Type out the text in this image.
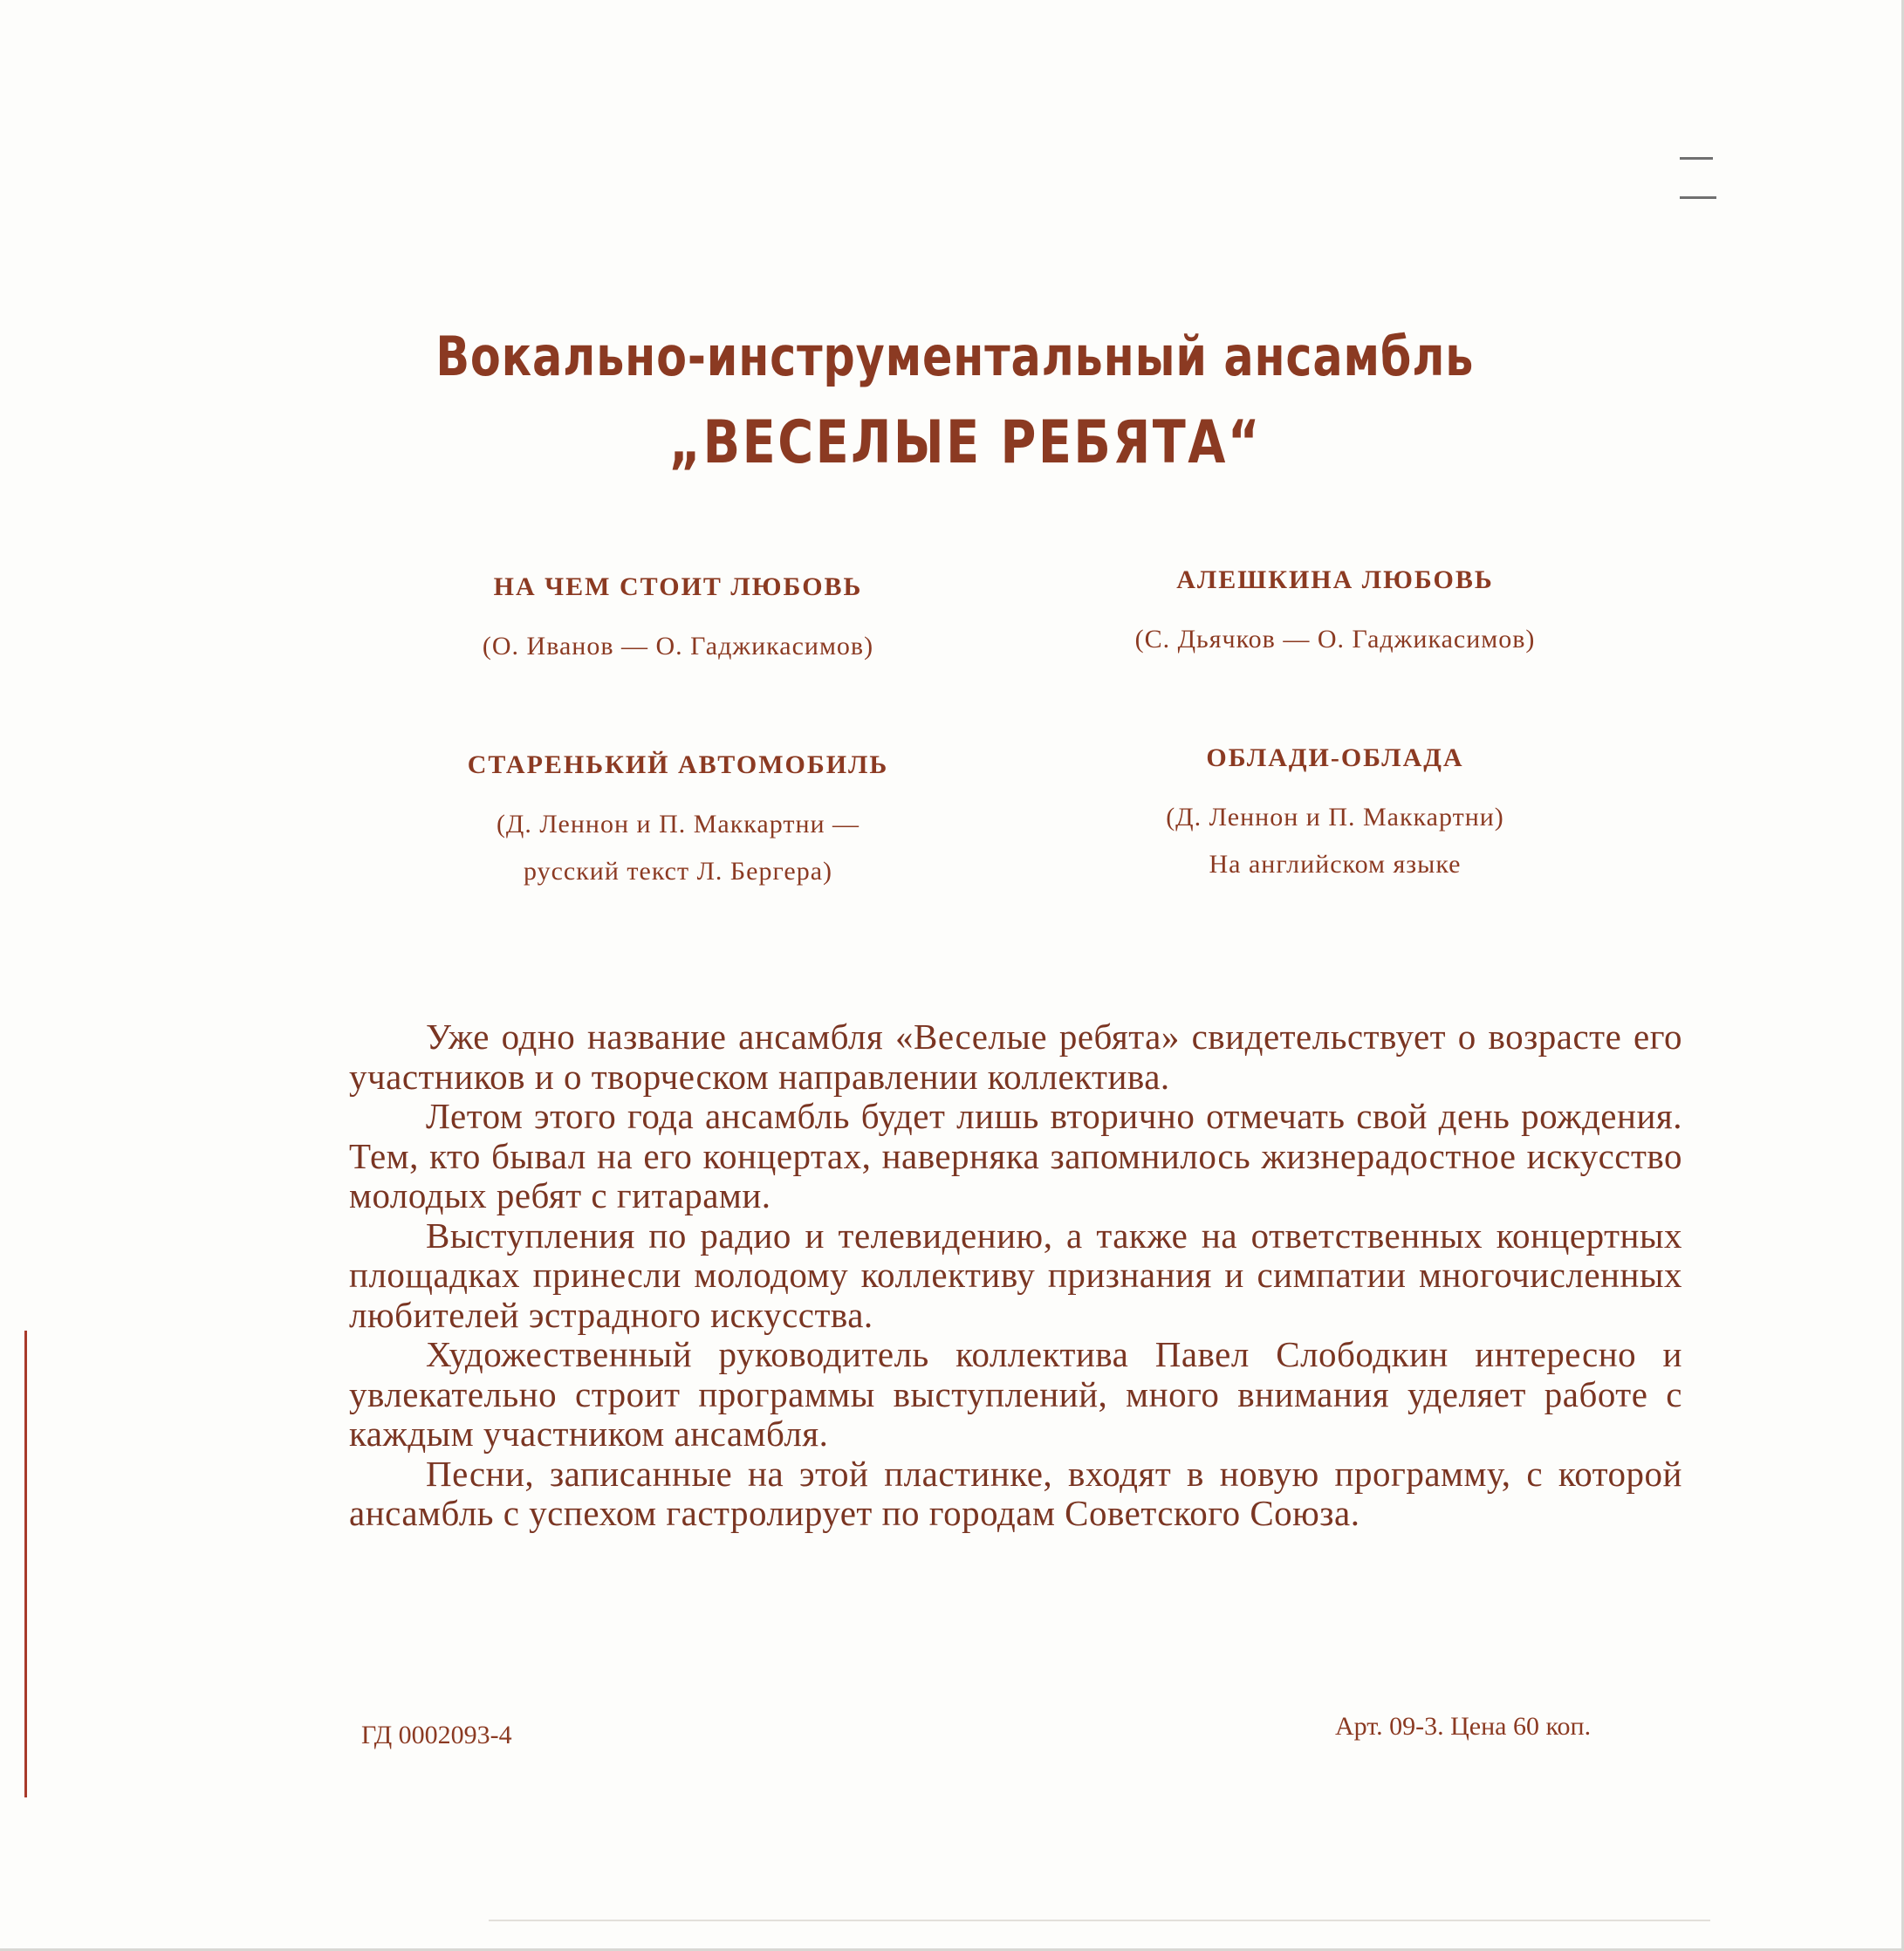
Вокально-инструментальный ансамбль
„ВЕСЕЛЫЕ РЕБЯТА“
НА ЧЕМ СТОИТ ЛЮБОВЬ
(О. Иванов — О. Гаджикасимов)
АЛЕШКИНА ЛЮБОВЬ
(С. Дьячков — О. Гаджикасимов)
СТАРЕНЬКИЙ АВТОМОБИЛЬ
(Д. Леннон и П. Маккартни —
русский текст Л. Бергера)
ОБЛАДИ-ОБЛАДА
(Д. Леннон и П. Маккартни)
На английском языке

Уже одно название ансамбля «Веселые ребята» свидетельствует о возрасте его участников и о творческом направлении коллектива.

Летом этого года ансамбль будет лишь вторично отмечать свой день рождения. Тем, кто бывал на его концертах, наверняка запомнилось жизнерадостное искусство молодых ребят с гитарами.

Выступления по радио и телевидению, а также на ответственных концертных площадках принесли молодому коллективу признания и симпатии многочисленных любителей эстрадного искусства.

Художественный руководитель коллектива Павел Слободкин интересно и увлекательно строит программы выступлений, много внимания уделяет работе с каждым участником ансамбля.

Песни, записанные на этой пластинке, входят в новую программу, с которой ансамбль с успехом гастролирует по городам Советского Союза.

ГД 0002093-4	Арт. 09-3. Цена 60 коп.
